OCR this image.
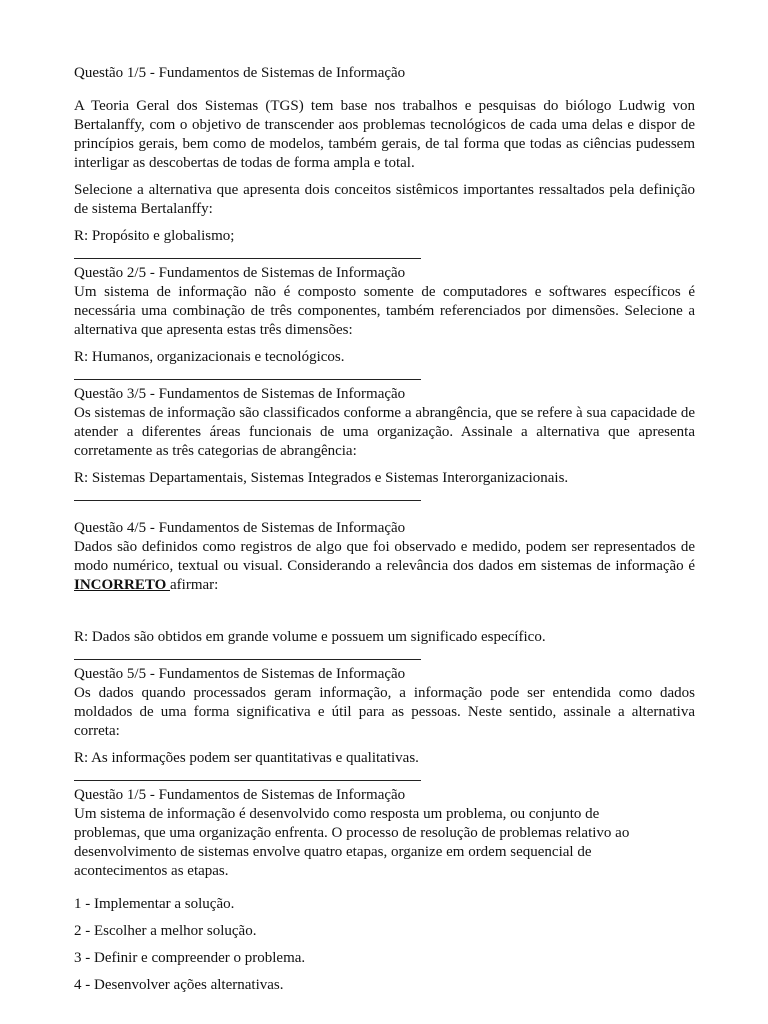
Questão 1/5 - Fundamentos de Sistemas de Informação

A Teoria Geral dos Sistemas (TGS) tem base nos trabalhos e pesquisas do biólogo Ludwig von Bertalanffy, com o objetivo de transcender aos problemas tecnológicos de cada uma delas e dispor de princípios gerais, bem como de modelos, também gerais, de tal forma que todas as ciências pudessem interligar as descobertas de todas de forma ampla e total.

Selecione a alternativa que apresenta dois conceitos sistêmicos importantes ressaltados pela definição de sistema Bertalanffy:

R: Propósito e globalismo;

Questão 2/5 - Fundamentos de Sistemas de Informação

Um sistema de informação não é composto somente de computadores e softwares específicos é necessária uma combinação de três componentes, também referenciados por dimensões. Selecione a alternativa que apresenta estas três dimensões:

R: Humanos, organizacionais e tecnológicos.

Questão 3/5 - Fundamentos de Sistemas de Informação

Os sistemas de informação são classificados conforme a abrangência, que se refere à sua capacidade de atender a diferentes áreas funcionais de uma organização. Assinale a alternativa que apresenta corretamente as três categorias de abrangência:

R: Sistemas Departamentais, Sistemas Integrados e Sistemas Interorganizacionais.

Questão 4/5 - Fundamentos de Sistemas de Informação

Dados são definidos como registros de algo que foi observado e medido, podem ser representados de modo numérico, textual ou visual. Considerando a relevância dos dados em sistemas de informação é INCORRETO afirmar:

R: Dados são obtidos em grande volume e possuem um significado específico.

Questão 5/5 - Fundamentos de Sistemas de Informação

Os dados quando processados geram informação, a informação pode ser entendida como dados moldados de uma forma significativa e útil para as pessoas. Neste sentido, assinale a alternativa correta:

R: As informações podem ser quantitativas e qualitativas.

Questão 1/5 - Fundamentos de Sistemas de Informação

Um sistema de informação é desenvolvido como resposta um problema, ou conjunto de problemas, que uma organização enfrenta. O processo de resolução de problemas relativo ao desenvolvimento de sistemas envolve quatro etapas, organize em ordem sequencial de acontecimentos as etapas.

1 - Implementar a solução.

2 - Escolher a melhor solução.

3 - Definir e compreender o problema.

4 - Desenvolver ações alternativas.
